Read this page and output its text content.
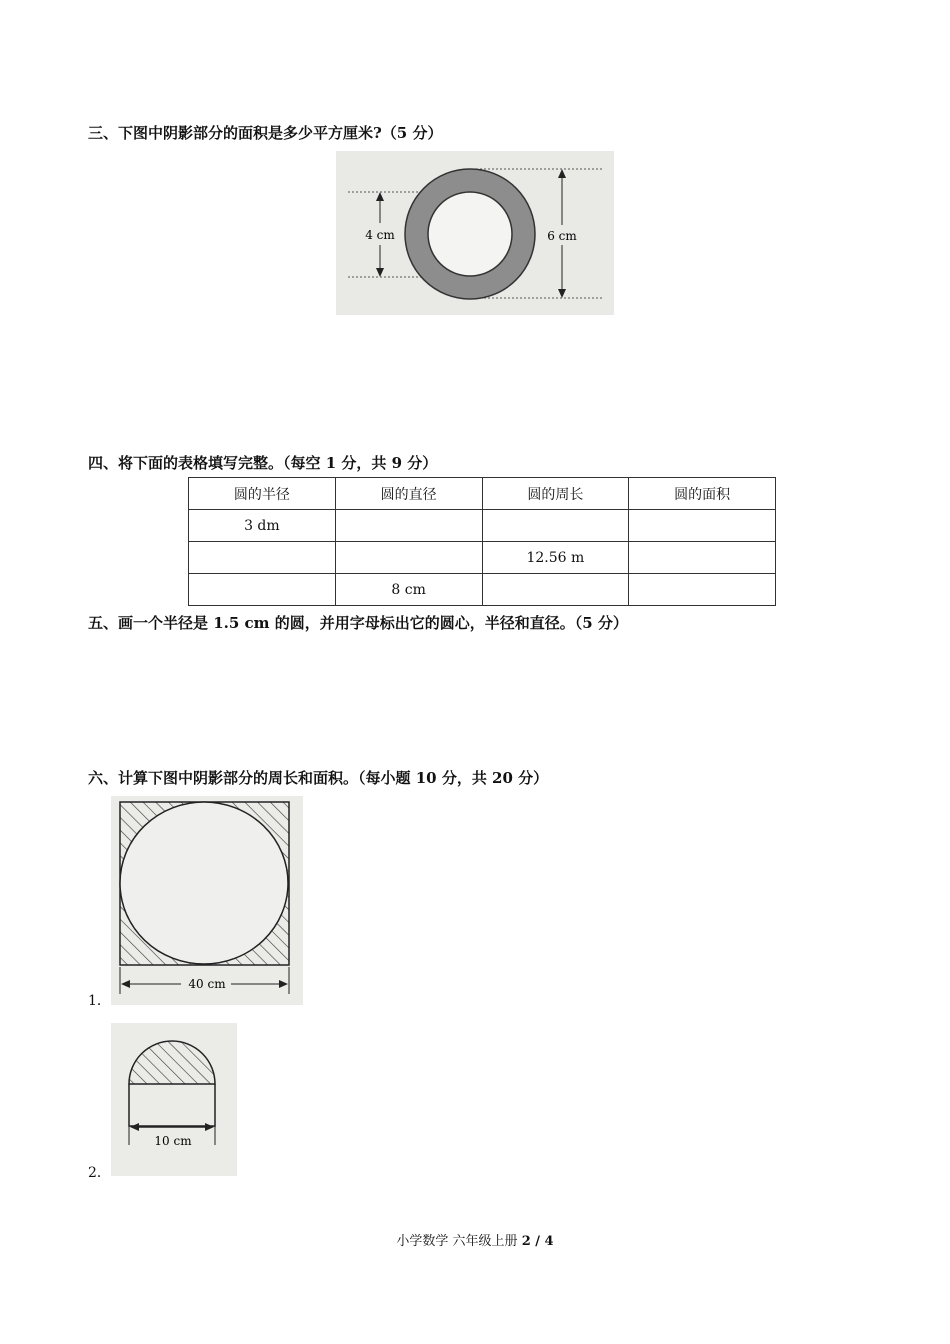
三、下图中阴影部分的面积是多少平方厘米?（5 分）
4 cm	6 cm
四、将下面的表格填写完整。（每空 1 分，共 9 分）
圆的半径	圆的直径	圆的周长	圆的面积
3 dm			
		12.56 m	
	8 cm		
五、画一个半径是 1.5 cm 的圆，并用字母标出它的圆心，半径和直径。（5 分）
六、计算下图中阴影部分的周长和面积。（每小题 10 分，共 20 分）
40 cm
1．
10 cm
2．
小学数学 六年级上册 2 / 4
